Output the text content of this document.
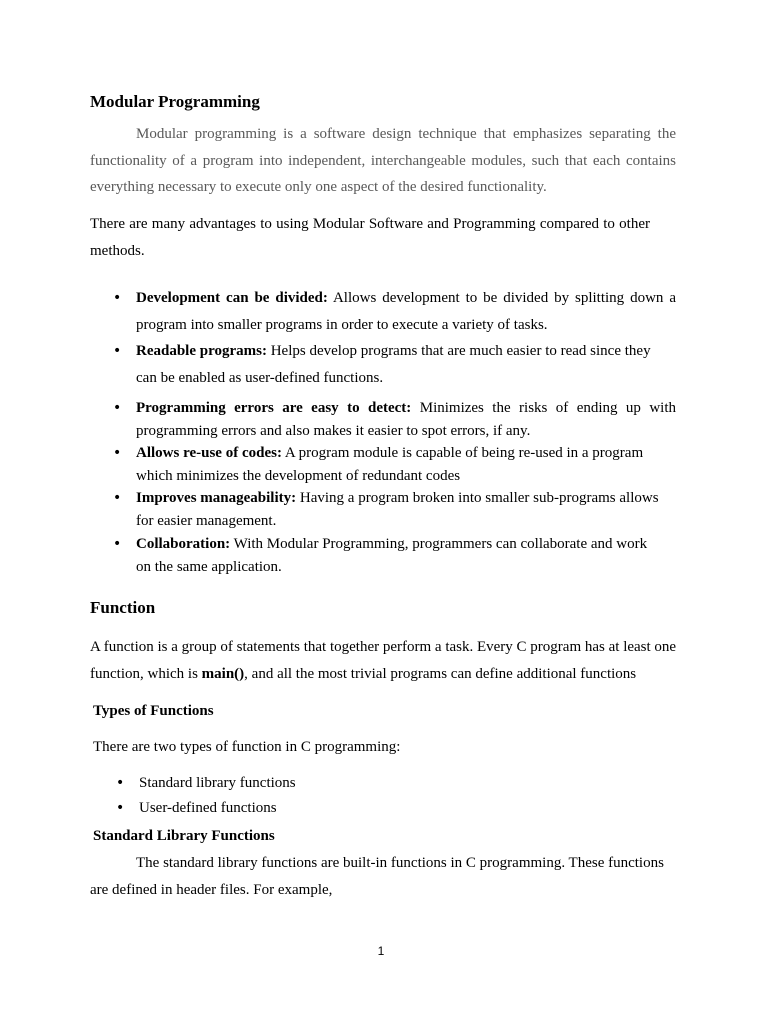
Modular Programming

Modular programming is a software design technique that emphasizes separating the functionality of a program into independent, interchangeable modules, such that each contains everything necessary to execute only one aspect of the desired functionality.

There are many advantages to using Modular Software and Programming compared to other methods.

• Development can be divided: Allows development to be divided by splitting down a program into smaller programs in order to execute a variety of tasks.
• Readable programs: Helps develop programs that are much easier to read since they can be enabled as user-defined functions.
• Programming errors are easy to detect: Minimizes the risks of ending up with programming errors and also makes it easier to spot errors, if any.
• Allows re-use of codes: A program module is capable of being re-used in a program which minimizes the development of redundant codes
• Improves manageability: Having a program broken into smaller sub-programs allows for easier management.
• Collaboration: With Modular Programming, programmers can collaborate and work on the same application.
Function

A function is a group of statements that together perform a task. Every C program has at least one function, which is main(), and all the most trivial programs can define additional functions

Types of Functions

There are two types of function in C programming:

• Standard library functions
• User-defined functions
Standard Library Functions

The standard library functions are built-in functions in C programming. These functions are defined in header files. For example,

1
